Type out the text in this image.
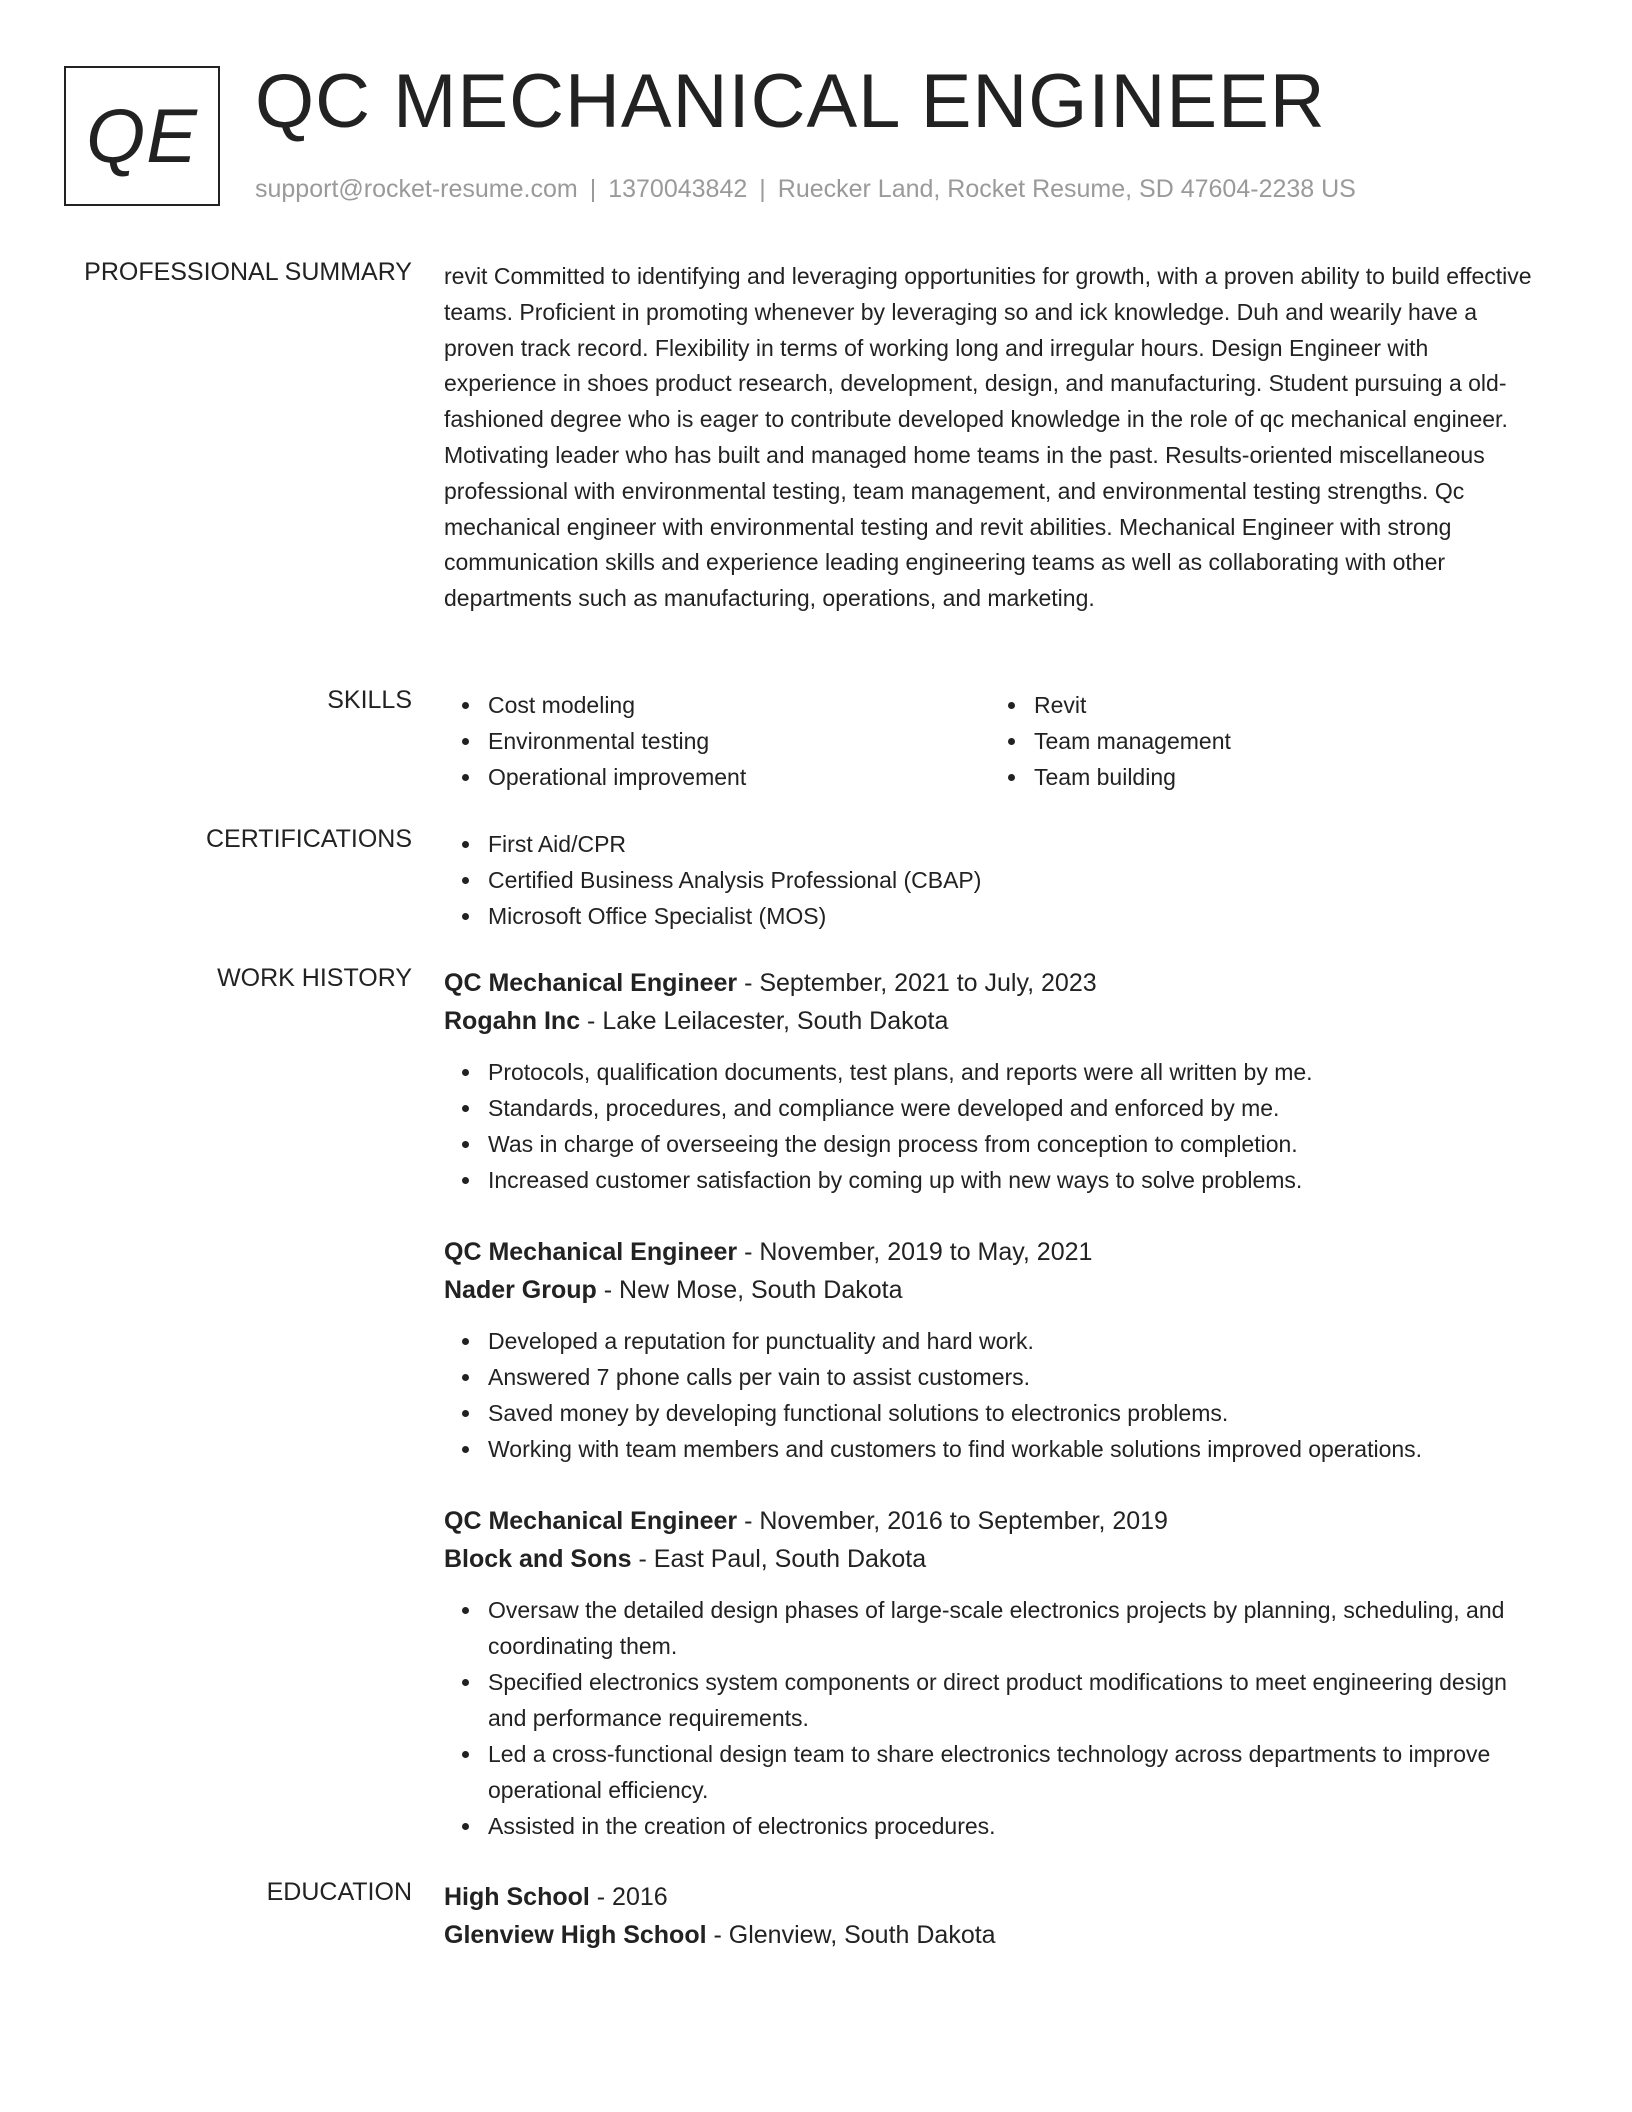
QE QC MECHANICAL ENGINEER
support@rocket-resume.com | 1370043842 | Ruecker Land, Rocket Resume, SD 47604-2238 US
PROFESSIONAL SUMMARY revit Committed to identifying and leveraging opportunities for growth, with a proven ability to build effective teams. Proficient in promoting whenever by leveraging so and ick knowledge. Duh and wearily have a proven track record. Flexibility in terms of working long and irregular hours. Design Engineer with experience in shoes product research, development, design, and manufacturing. Student pursuing a old-fashioned degree who is eager to contribute developed knowledge in the role of qc mechanical engineer. Motivating leader who has built and managed home teams in the past. Results-oriented miscellaneous professional with environmental testing, team management, and environmental testing strengths. Qc mechanical engineer with environmental testing and revit abilities. Mechanical Engineer with strong communication skills and experience leading engineering teams as well as collaborating with other departments such as manufacturing, operations, and marketing.

SKILLS	Cost modeling
Environmental testing
Operational improvement
Revit
Team management
Team building
CERTIFICATIONS	First Aid/CPR
Certified Business Analysis Professional (CBAP)
Microsoft Office Specialist (MOS)
WORK HISTORY QC Mechanical Engineer - September, 2021 to July, 2023
Rogahn Inc - Lake Leilacester, South Dakota
Protocols, qualification documents, test plans, and reports were all written by me.
Standards, procedures, and compliance were developed and enforced by me.
Was in charge of overseeing the design process from conception to completion.
Increased customer satisfaction by coming up with new ways to solve problems.
QC Mechanical Engineer - November, 2019 to May, 2021
Nader Group - New Mose, South Dakota
Developed a reputation for punctuality and hard work.
Answered 7 phone calls per vain to assist customers.
Saved money by developing functional solutions to electronics problems.
Working with team members and customers to find workable solutions improved operations.
QC Mechanical Engineer - November, 2016 to September, 2019
Block and Sons - East Paul, South Dakota
Oversaw the detailed design phases of large-scale electronics projects by planning, scheduling, and coordinating them.
Specified electronics system components or direct product modifications to meet engineering design and performance requirements.
Led a cross-functional design team to share electronics technology across departments to improve operational efficiency.
Assisted in the creation of electronics procedures.
EDUCATION High School - 2016
Glenview High School - Glenview, South Dakota
